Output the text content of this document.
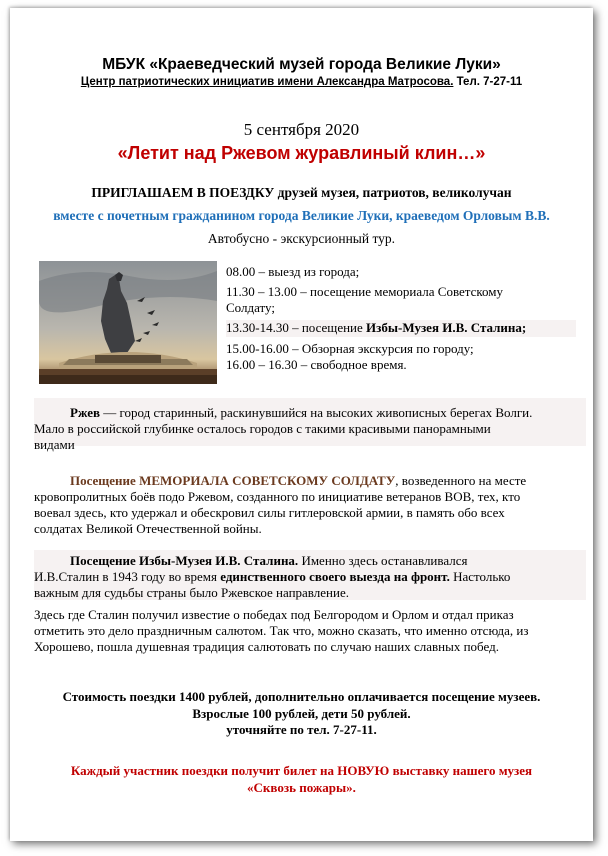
МБУК «Краеведческий музей города Великие Луки»
Центр патриотических инициатив имени Александра Матросова. Тел. 7-27-11
5 сентября 2020
«Летит над Ржевом журавлиный клин…»
ПРИГЛАШАЕМ В ПОЕЗДКУ друзей музея, патриотов, великолучан
вместе с почетным гражданином города Великие Луки, краеведом Орловым В.В.
Автобусно - экскурсионный тур.
08.00 – выезд из города;
11.30 – 13.00 – посещение мемориала Советскому
Солдату;
13.30-14.30 – посещение Избы-Музея И.В. Сталина;
15.00-16.00 – Обзорная экскурсия по городу;
16.00 – 16.30 – свободное время.
Ржев — город старинный, раскинувшийся на высоких живописных берегах Волги.
Мало в российской глубинке осталось городов с такими красивыми панорамными
видами
Посещение МЕМОРИАЛА СОВЕТСКОМУ СОЛДАТУ, возведенного на месте
кровопролитных боёв подо Ржевом, созданного по инициативе ветеранов ВОВ, тех, кто
воевал здесь, кто удержал и обескровил силы гитлеровской армии, в память обо всех
солдатах Великой Отечественной войны.
Посещение Избы-Музея И.В. Сталина. Именно здесь останавливался
И.В.Сталин в 1943 году во время единственного своего выезда на фронт. Настолько
важным для судьбы страны было Ржевское направление.
Здесь где Сталин получил известие о победах под Белгородом и Орлом и отдал приказ
отметить это дело праздничным салютом. Так что, можно сказать, что именно отсюда, из
Хорошево, пошла душевная традиция салютовать по случаю наших славных побед.
Стоимость поездки 1400 рублей, дополнительно оплачивается посещение музеев.
Взрослые 100 рублей, дети 50 рублей.
уточняйте по тел. 7-27-11.
Каждый участник поездки получит билет на НОВУЮ выставку нашего музея
«Сквозь пожары».
